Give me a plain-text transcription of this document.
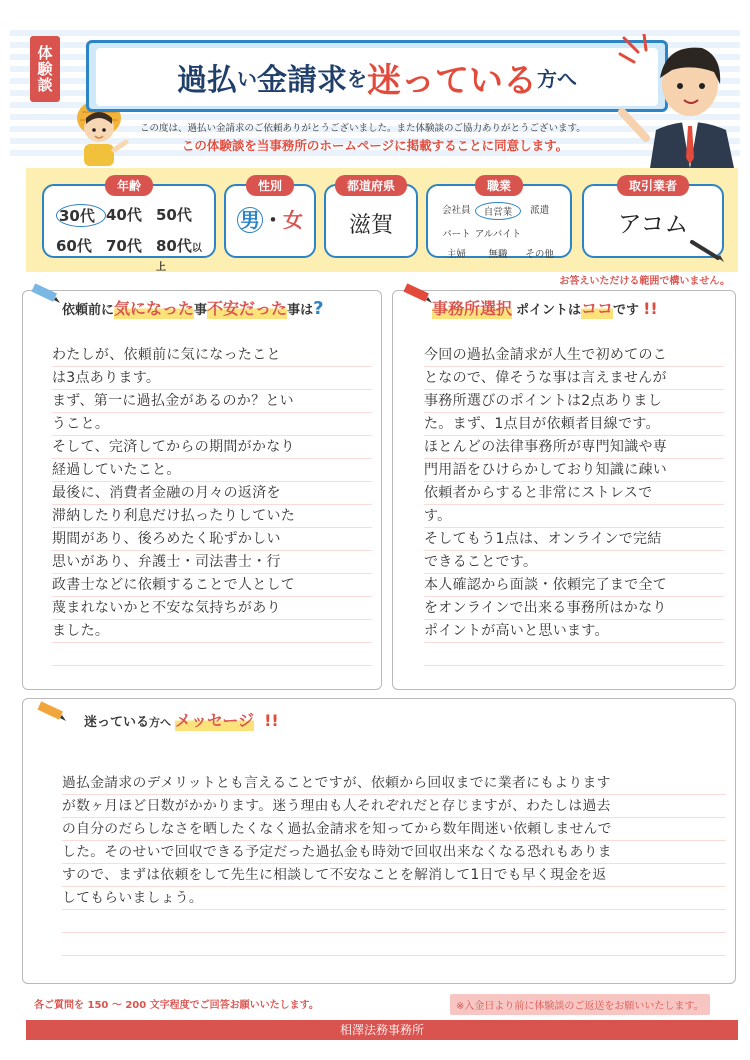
体験談	過払 い 金請求 を 迷っている 方へ
この度は、過払い金請求のご依頼ありがとうございました。また体験談のご協力ありがとうございます。
この体験談を当事務所のホームページに掲載することに同意します。
年齢
30代 40代 50代
60代 70代 80代以上
性別
男 ・女
都道府県
滋賀
職業
会社員	自営業	派遣
パート アルバイト
主婦	無職	その他
取引業者
アコム
お答えいただける範囲で構いません。
依頼前に 気になった 事 不安だった 事は ?
わたしが、依頼前に気になったこと
は3点あります。
まず、第一に過払金があるのか？とい
うこと。
そして、完済してからの期間がかなり
経過していたこと。
最後に、消費者金融の月々の返済を
滞納したり利息だけ払ったりしていた
期間があり、後ろめたく恥ずかしい
思いがあり、弁護士・司法書士・行
政書士などに依頼することで人として
蔑まれないかと不安な気持ちがあり
ました。
事務所選択 ポイントは ココ です !!
今回の過払金請求が人生で初めてのこ
となので、偉そうな事は言えませんが
事務所選びのポイントは2点ありまし
た。まず、1点目が依頼者目線です。
ほとんどの法律事務所が専門知識や専
門用語をひけらかしており知識に疎い
依頼者からすると非常にストレスで
す。
そしてもう1点は、オンラインで完結
できることです。
本人確認から面談・依頼完了まで全て
をオンラインで出来る事務所はかなり
ポイントが高いと思います。
迷っている 方へ メッセージ !!
過払金請求のデメリットとも言えることですが、依頼から回収までに業者にもよります
が数ヶ月ほど日数がかかります。迷う理由も人それぞれだと存じますが、わたしは過去
の自分のだらしなさを晒したくなく過払金請求を知ってから数年間迷い依頼しませんで
した。そのせいで回収できる予定だった過払金も時効で回収出来なくなる恐れもありま
すので、まずは依頼をして先生に相談して不安なことを解消して1日でも早く現金を返
してもらいましょう。
各ご質問を 150 ～ 200 文字程度でご回答お願いいたします。	※入金日より前に体験談のご返送をお願いいたします。
相澤法務事務所
